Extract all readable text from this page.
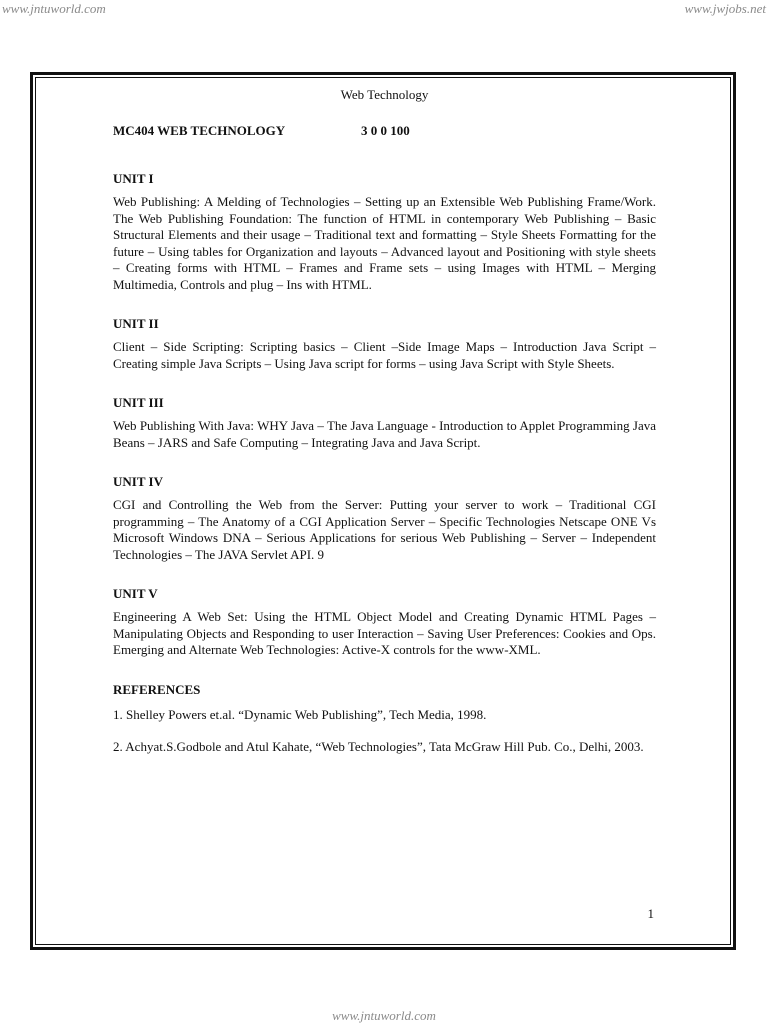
www.jntuworld.com	www.jwjobs.net
Web Technology
MC404 WEB TECHNOLOGY	3 0 0 100
UNIT I
Web Publishing: A Melding of Technologies – Setting up an Extensible Web Publishing Frame/Work. The Web Publishing Foundation: The function of HTML in contemporary Web Publishing – Basic Structural Elements and their usage – Traditional text and formatting – Style Sheets Formatting for the future – Using tables for Organization and layouts – Advanced layout and Positioning with style sheets – Creating forms with HTML – Frames and Frame sets – using Images with HTML – Merging Multimedia, Controls and plug – Ins with HTML.
UNIT II
Client – Side Scripting: Scripting basics – Client –Side Image Maps – Introduction Java Script – Creating simple Java Scripts – Using Java script for forms – using Java Script with Style Sheets.
UNIT III
Web Publishing With Java: WHY Java – The Java Language - Introduction to Applet Programming Java Beans – JARS and Safe Computing – Integrating Java and Java Script.
UNIT IV
CGI and Controlling the Web from the Server: Putting your server to work – Traditional CGI programming – The Anatomy of a CGI Application Server – Specific Technologies Netscape ONE Vs Microsoft Windows DNA – Serious Applications for serious Web Publishing – Server – Independent Technologies – The JAVA Servlet API. 9
UNIT V
Engineering A Web Set: Using the HTML Object Model and Creating Dynamic HTML Pages – Manipulating Objects and Responding to user Interaction – Saving User Preferences: Cookies and Ops. Emerging and Alternate Web Technologies: Active-X controls for the www-XML.
REFERENCES
1. Shelley Powers et.al. “Dynamic Web Publishing”, Tech Media, 1998.
2. Achyat.S.Godbole and Atul Kahate, “Web Technologies”, Tata McGraw Hill Pub. Co., Delhi, 2003.
1
www.jntuworld.com
